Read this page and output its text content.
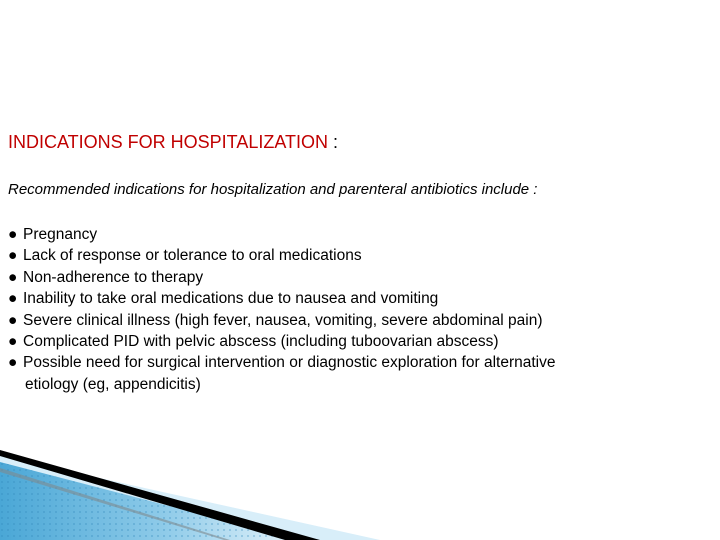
INDICATIONS FOR HOSPITALIZATION :
Recommended indications for hospitalization and parenteral antibiotics include :
● Pregnancy
● Lack of response or tolerance to oral medications
● Non-adherence to therapy
● Inability to take oral medications due to nausea and vomiting
● Severe clinical illness (high fever, nausea, vomiting, severe abdominal pain)
● Complicated PID with pelvic abscess (including tuboovarian abscess)
● Possible need for surgical intervention or diagnostic exploration for alternative
etiology (eg, appendicitis)
